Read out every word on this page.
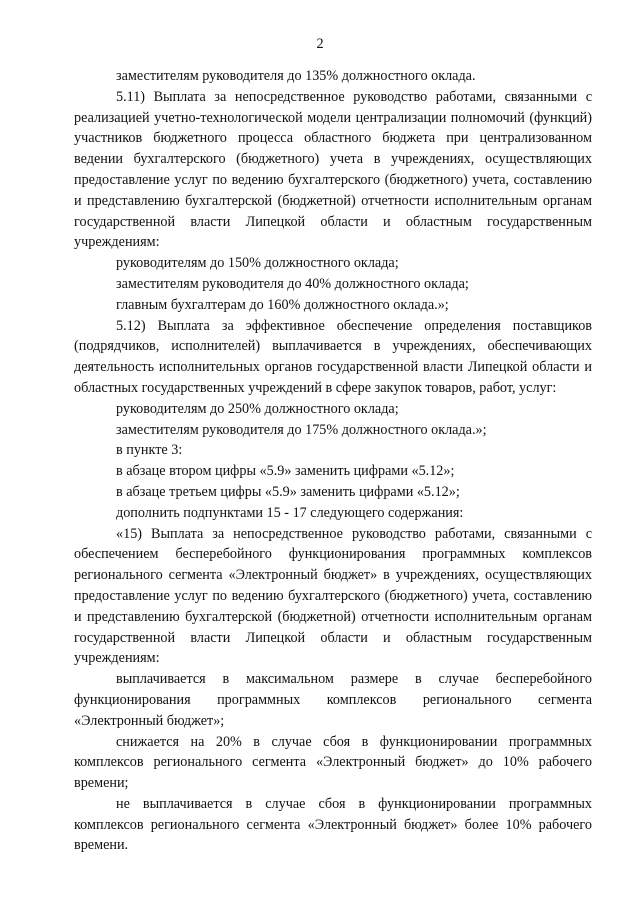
2

заместителям руководителя до 135% должностного оклада.

5.11) Выплата за непосредственное руководство работами, связанными с реализацией учетно-технологической модели централизации полномочий (функций) участников бюджетного процесса областного бюджета при централизованном ведении бухгалтерского (бюджетного) учета в учреждениях, осуществляющих предоставление услуг по ведению бухгалтерского (бюджетного) учета, составлению и представлению бухгалтерской (бюджетной) отчетности исполнительным органам государственной власти Липецкой области и областным государственным учреждениям:

руководителям до 150% должностного оклада;

заместителям руководителя до 40% должностного оклада;

главным бухгалтерам до 160% должностного оклада.»;

5.12) Выплата за эффективное обеспечение определения поставщиков (подрядчиков, исполнителей) выплачивается в учреждениях, обеспечивающих деятельность исполнительных органов государственной власти Липецкой области и областных государственных учреждений в сфере закупок товаров, работ, услуг:

руководителям до 250% должностного оклада;

заместителям руководителя до 175% должностного оклада.»;

в пункте 3:

в абзаце втором цифры «5.9» заменить цифрами «5.12»;

в абзаце третьем цифры «5.9» заменить цифрами «5.12»;

дополнить подпунктами 15 - 17 следующего содержания:

«15) Выплата за непосредственное руководство работами, связанными с обеспечением бесперебойного функционирования программных комплексов регионального сегмента «Электронный бюджет» в учреждениях, осуществляющих предоставление услуг по ведению бухгалтерского (бюджетного) учета, составлению и представлению бухгалтерской (бюджетной) отчетности исполнительным органам государственной власти Липецкой области и областным государственным учреждениям:

выплачивается в максимальном размере в случае бесперебойного функционирования программных комплексов регионального сегмента «Электронный бюджет»;

снижается на 20% в случае сбоя в функционировании программных комплексов регионального сегмента «Электронный бюджет» до 10% рабочего времени;

не выплачивается в случае сбоя в функционировании программных комплексов регионального сегмента «Электронный бюджет» более 10% рабочего времени.
